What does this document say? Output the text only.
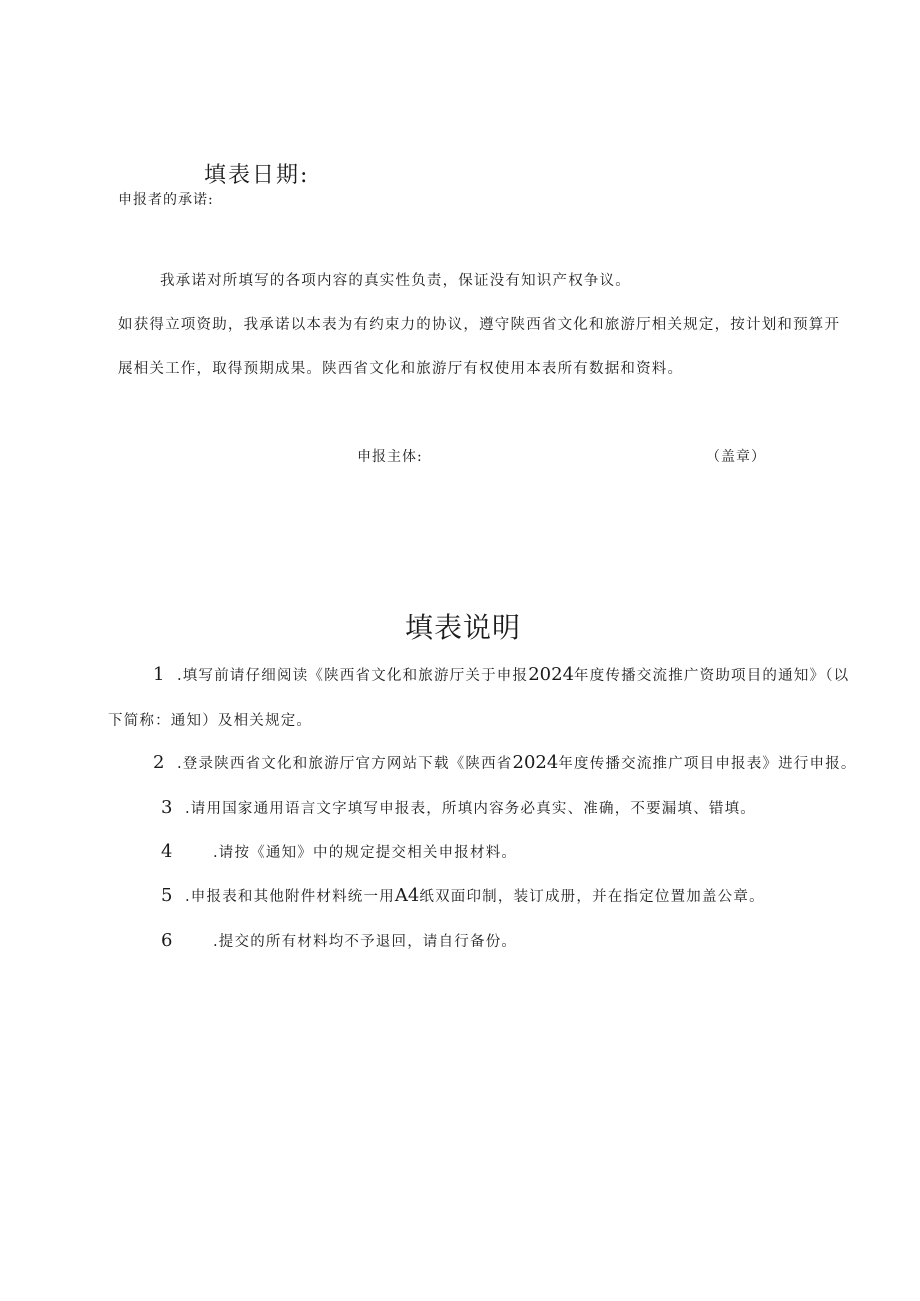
填表日期:
申报者的承诺:
我承诺对所填写的各项内容的真实性负责，保证没有知识产权争议。
如获得立项资助，我承诺以本表为有约束力的协议，遵守陕西省文化和旅游厅相关规定，按计划和预算开
展相关工作，取得预期成果。陕西省文化和旅游厅有权使用本表所有数据和资料。
申报主体:	（盖章）
填表说明
1 .填写前请仔细阅读《陕西省文化和旅游厅关于申报 2024 年度传播交流推广资助项目的通知》（以
下简称：通知）及相关规定。
2 .登录陕西省文化和旅游厅官方网站下载《陕西省 2024 年度传播交流推广项目申报表》进行申报。
3 .请用国家通用语言文字填写申报表，所填内容务必真实、准确，不要漏填、错填。
4	.请按《通知》中的规定提交相关申报材料。
5 .申报表和其他附件材料统一用 A4 纸双面印制，装订成册，并在指定位置加盖公章。
6	.提交的所有材料均不予退回，请自行备份。
